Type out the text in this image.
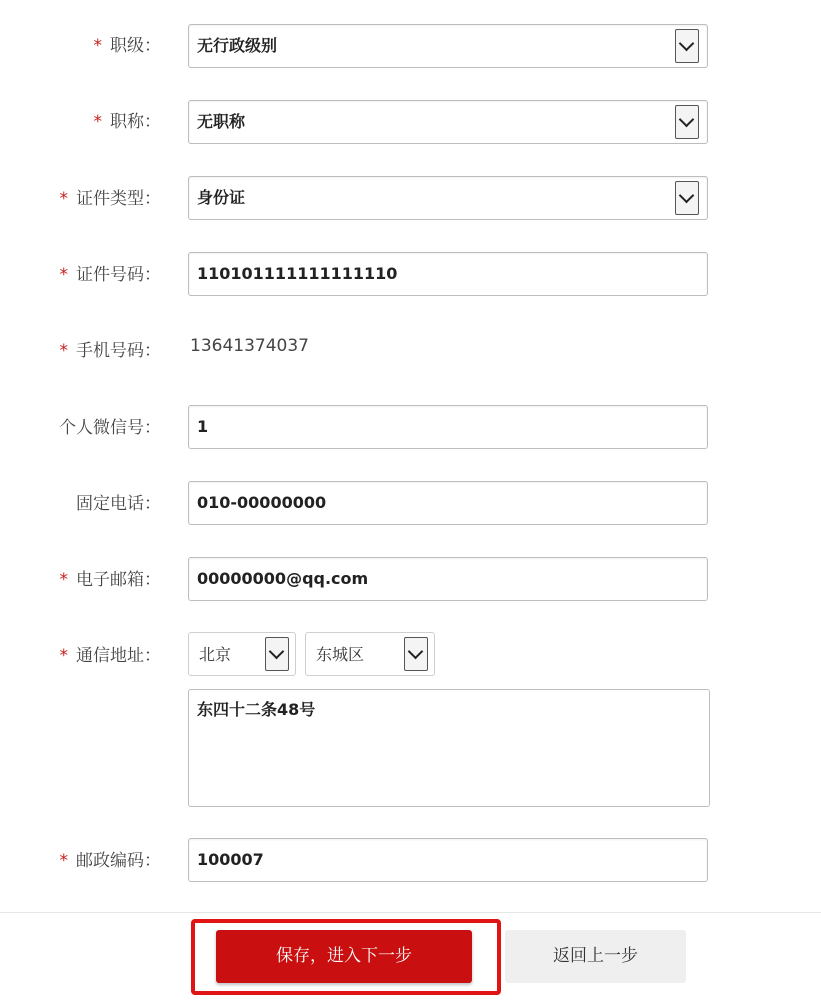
* 职级： 无行政级别
* 职称： 无职称
* 证件类型： 身份证
* 证件号码： 110101111111111110
* 手机号码： 13641374037
个人微信号： 1
固定电话： 010-00000000
* 电子邮箱： 00000000@qq.com
* 通信地址： 北京	东城区
东四十二条48号
* 邮政编码： 100007
保存，进入下一步	返回上一步
